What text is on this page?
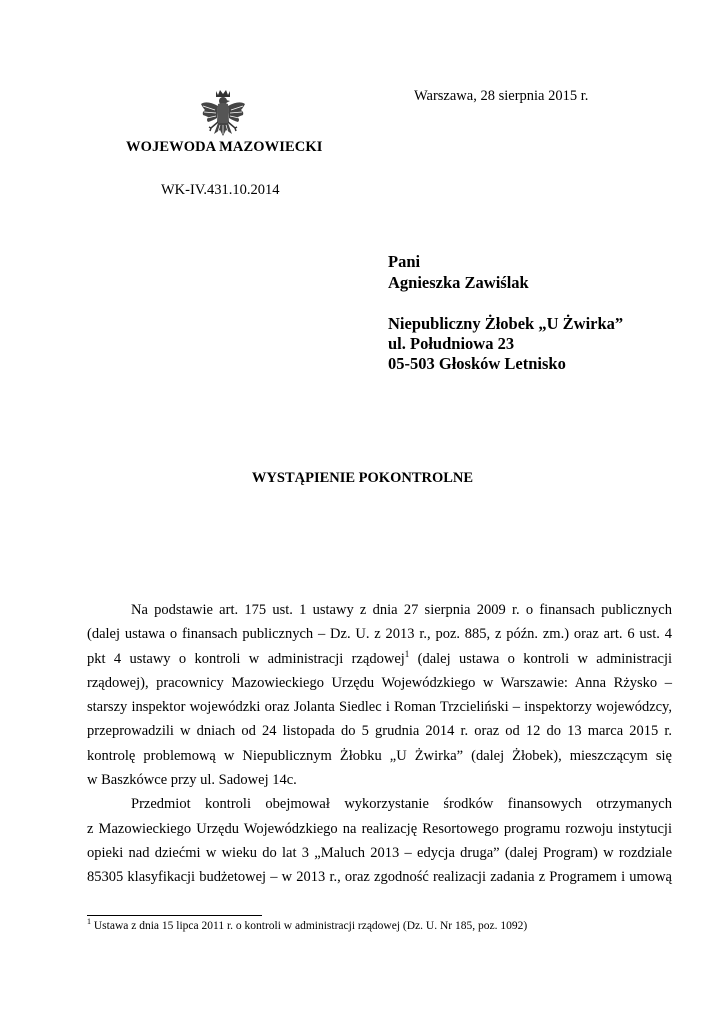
WOJEWODA MAZOWIECKI
Warszawa, 28 sierpnia 2015 r.
WK-IV.431.10.2014
Pani
Agnieszka Zawiślak
Niepubliczny Żłobek „U Żwirka”
ul. Południowa 23
05-503 Głosków Letnisko
WYSTĄPIENIE POKONTROLNE
Na podstawie art. 175 ust. 1 ustawy z dnia 27 sierpnia 2009 r. o finansach publicznych
(dalej ustawa o finansach publicznych – Dz. U. z 2013 r., poz. 885, z późn. zm.) oraz art. 6 ust. 4
pkt 4 ustawy o kontroli w administracji rządowej$^1$ (dalej ustawa o kontroli w administracji
rządowej), pracownicy Mazowieckiego Urzędu Wojewódzkiego w Warszawie: Anna Rżysko –
starszy inspektor wojewódzki oraz Jolanta Siedlec i Roman Trzcieliński – inspektorzy wojewódzcy,
przeprowadzili w dniach od 24 listopada do 5 grudnia 2014 r. oraz od 12 do 13 marca 2015 r.
kontrolę problemową w Niepublicznym Żłobku „U Żwirka” (dalej Żłobek), mieszczącym się
w Baszkówce przy ul. Sadowej 14c.
Przedmiot kontroli obejmował wykorzystanie środków finansowych otrzymanych
z Mazowieckiego Urzędu Wojewódzkiego na realizację Resortowego programu rozwoju instytucji
opieki nad dziećmi w wieku do lat 3 „Maluch 2013 – edycja druga” (dalej Program) w rozdziale
85305 klasyfikacji budżetowej – w 2013 r., oraz zgodność realizacji zadania z Programem i umową
$^1$ Ustawa z dnia 15 lipca 2011 r. o kontroli w administracji rządowej (Dz. U. Nr 185, poz. 1092)
